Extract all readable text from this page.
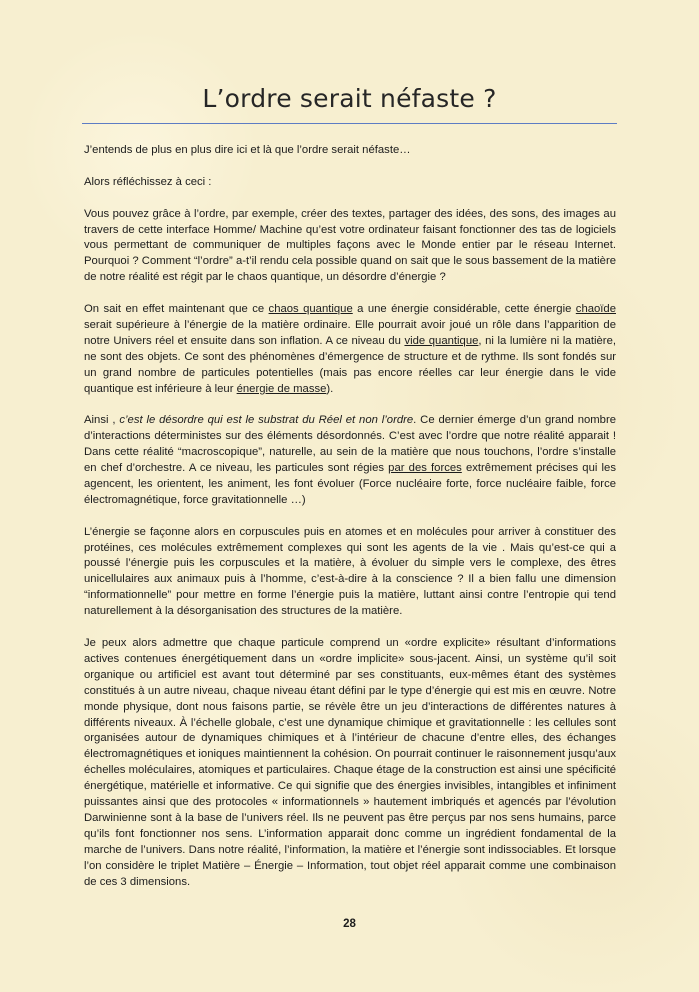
L’ordre serait néfaste ?

J’entends de plus en plus dire ici et là que l’ordre serait néfaste…

Alors réfléchissez à ceci :

Vous pouvez grâce à l’ordre, par exemple, créer des textes, partager des idées, des sons, des images au travers de cette interface Homme/ Machine qu’est votre ordinateur faisant fonctionner des tas de logiciels vous permettant de communiquer de multiples façons avec le Monde entier par le réseau Internet. Pourquoi ? Comment “l’ordre” a-t’il rendu cela possible quand on sait que le sous bassement de la matière de notre réalité est régit par le chaos quantique, un désordre d’énergie ?

On sait en effet maintenant que ce chaos quantique a une énergie considérable, cette énergie chaoïde serait supérieure à l’énergie de la matière ordinaire. Elle pourrait avoir joué un rôle dans l’apparition de notre Univers réel et ensuite dans son inflation. A ce niveau du vide quantique, ni la lumière ni la matière, ne sont des objets. Ce sont des phénomènes d’émergence de structure et de rythme. Ils sont fondés sur un grand nombre de particules potentielles (mais pas encore réelles car leur énergie dans le vide quantique est inférieure à leur énergie de masse).

Ainsi , c’est le désordre qui est le substrat du Réel et non l’ordre. Ce dernier émerge d’un grand nombre d’interactions déterministes sur des éléments désordonnés. C’est avec l’ordre que notre réalité apparait ! Dans cette réalité “macroscopique”, naturelle, au sein de la matière que nous touchons, l’ordre s’installe en chef d’orchestre. A ce niveau, les particules sont régies par des forces extrêmement précises qui les agencent, les orientent, les animent, les font évoluer (Force nucléaire forte, force nucléaire faible, force électromagnétique, force gravitationnelle …)

L’énergie se façonne alors en corpuscules puis en atomes et en molécules pour arriver à constituer des protéines, ces molécules extrêmement complexes qui sont les agents de la vie . Mais qu’est-ce qui a poussé l’énergie puis les corpuscules et la matière, à évoluer du simple vers le complexe, des êtres unicellulaires aux animaux puis à l’homme, c’est-à-dire à la conscience ? Il a bien fallu une dimension “informationnelle” pour mettre en forme l’énergie puis la matière, luttant ainsi contre l’entropie qui tend naturellement à la désorganisation des structures de la matière.

Je peux alors admettre que chaque particule comprend un «ordre explicite» résultant d’informations actives contenues énergétiquement dans un «ordre implicite» sous-jacent. Ainsi, un système qu’il soit organique ou artificiel est avant tout déterminé par ses constituants, eux-mêmes étant des systèmes constitués à un autre niveau, chaque niveau étant défini par le type d’énergie qui est mis en œuvre. Notre monde physique, dont nous faisons partie, se révèle être un jeu d’interactions de différentes natures à différents niveaux. À l’échelle globale, c’est une dynamique chimique et gravitationnelle : les cellules sont organisées autour de dynamiques chimiques et à l’intérieur de chacune d’entre elles, des échanges électromagnétiques et ioniques maintiennent la cohésion. On pourrait continuer le raisonnement jusqu’aux échelles moléculaires, atomiques et particulaires. Chaque étage de la construction est ainsi une spécificité énergétique, matérielle et informative. Ce qui signifie que des énergies invisibles, intangibles et infiniment puissantes ainsi que des protocoles « informationnels » hautement imbriqués et agencés par l’évolution Darwinienne sont à la base de l’univers réel. Ils ne peuvent pas être perçus par nos sens humains, parce qu’ils font fonctionner nos sens. L’information apparait donc comme un ingrédient fondamental de la marche de l’univers. Dans notre réalité, l’information, la matière et l’énergie sont indissociables. Et lorsque l’on considère le triplet Matière – Énergie – Information, tout objet réel apparait comme une combinaison de ces 3 dimensions.

28
